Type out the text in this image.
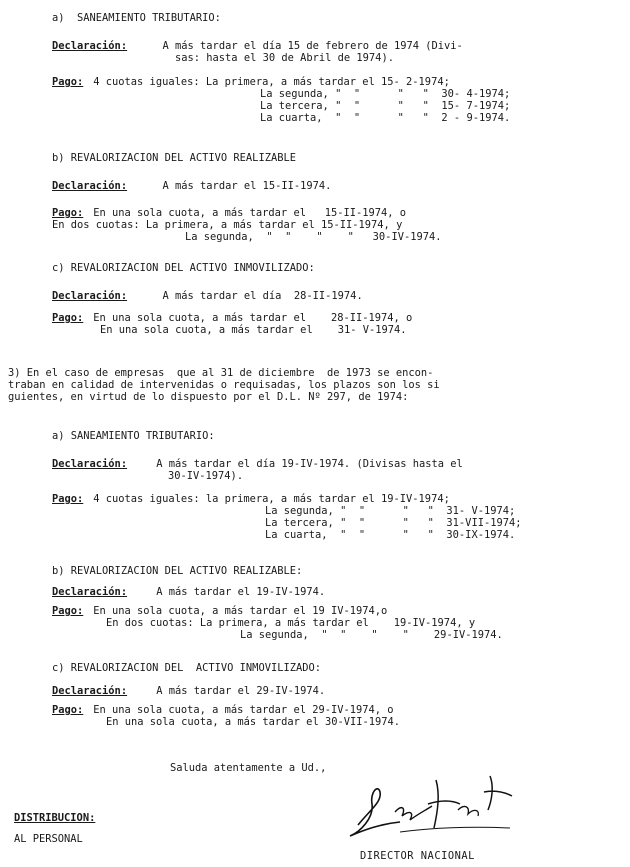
a)  SANEAMIENTO TRIBUTARIO:
Declaración: A más tardar el día 15 de febrero de 1974 (Divi-
sas: hasta el 30 de Abril de 1974).
Pago: 4 cuotas iguales: La primera, a más tardar el 15- 2-1974;
La segunda, "  "      "   "  30- 4-1974;
La tercera, "  "      "   "  15- 7-1974;
La cuarta,  "  "      "   "  2 - 9-1974.
b) REVALORIZACION DEL ACTIVO REALIZABLE
Declaración: A más tardar el 15-II-1974.
Pago: En una sola cuota, a más tardar el   15-II-1974, o
En dos cuotas: La primera, a más tardar el 15-II-1974, y
La segunda,  "  "    "    "   30-IV-1974.
c) REVALORIZACION DEL ACTIVO INMOVILIZADO:
Declaración: A más tardar el día  28-II-1974.
Pago: En una sola cuota, a más tardar el    28-II-1974, o
En una sola cuota, a más tardar el    31- V-1974.
3) En el caso de empresas  que al 31 de diciembre  de 1973 se encon-
traban en calidad de intervenidas o requisadas, los plazos son los si
guientes, en virtud de lo dispuesto por el D.L. Nº 297, de 1974:
a) SANEAMIENTO TRIBUTARIO:
Declaración: A más tardar el día 19-IV-1974. (Divisas hasta el
30-IV-1974).
Pago: 4 cuotas iguales: la primera, a más tardar el 19-IV-1974;
La segunda, "  "      "   "  31- V-1974;
La tercera, "  "      "   "  31-VII-1974;
La cuarta,  "  "      "   "  30-IX-1974.
b) REVALORIZACION DEL ACTIVO REALIZABLE:
Declaración: A más tardar el 19-IV-1974.
Pago: En una sola cuota, a más tardar el 19 IV-1974,o
En dos cuotas: La primera, a más tardar el    19-IV-1974, y
La segunda,  "  "    "    "    29-IV-1974.
c) REVALORIZACION DEL  ACTIVO INMOVILIZADO:
Declaración: A más tardar el 29-IV-1974.
Pago: En una sola cuota, a más tardar el 29-IV-1974, o
En una sola cuota, a más tardar el 30-VII-1974.
Saluda atentamente a Ud.,
DISTRIBUCION:
AL PERSONAL
DIRECTOR NACIONAL
